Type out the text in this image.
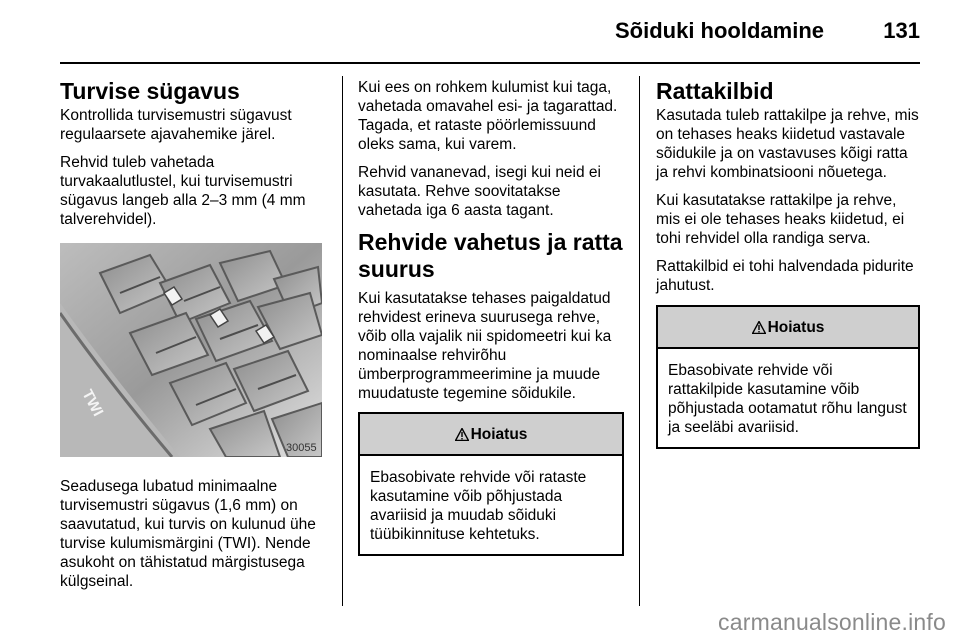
Sõiduki hooldamine	131
Turvise sügavus

Kontrollida turvisemustri sügavust regulaarsete ajavahemike järel.

Rehvid tuleb vahetada turvakaalutlustel, kui turvisemustri sügavus langeb alla 2–3 mm (4 mm talverehvidel).

TWI
30055

Seadusega lubatud minimaalne turvisemustri sügavus (1,6 mm) on saavutatud, kui turvis on kulunud ühe turvise kulumismärgini (TWI). Nende asukoht on tähistatud märgistusega külgseinal.

Kui ees on rohkem kulumist kui taga, vahetada omavahel esi- ja tagarattad. Tagada, et rataste pöörlemissuund oleks sama, kui varem.

Rehvid vananevad, isegi kui neid ei kasutata. Rehve soovitatakse vahetada iga 6 aasta tagant.

Rehvide vahetus ja ratta suurus

Kui kasutatakse tehases paigaldatud rehvidest erineva suurusega rehve, võib olla vajalik nii spidomeetri kui ka nominaalse rehvirõhu ümberprogrammeerimine ja muude muudatuste tegemine sõidukile.

Hoiatus
Ebasobivate rehvide või rataste kasutamine võib põhjustada avariisid ja muudab sõiduki tüübikinnituse kehtetuks.
Rattakilbid

Kasutada tuleb rattakilpe ja rehve, mis on tehases heaks kiidetud vastavale sõidukile ja on vastavuses kõigi ratta ja rehvi kombinatsiooni nõuetega.

Kui kasutatakse rattakilpe ja rehve, mis ei ole tehases heaks kiidetud, ei tohi rehvidel olla randiga serva.

Rattakilbid ei tohi halvendada pidurite jahutust.

Hoiatus
Ebasobivate rehvide või rattakilpide kasutamine võib põhjustada ootamatut rõhu langust ja seeläbi avariisid.
carmanualsonline.info
